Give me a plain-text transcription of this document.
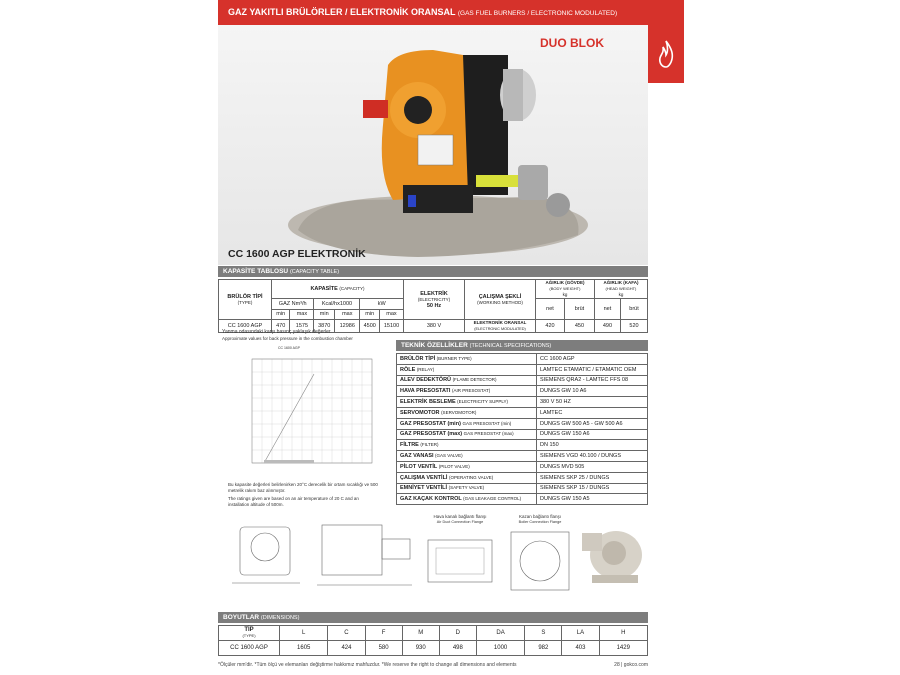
GAZ YAKITLI BRÜLÖRLER / ELEKTRONİK ORANSAL (GAS FUEL BURNERS / ELECTRONIC MODULATED)
DUO BLOK
CC 1600 AGP ELEKTRONİK
KAPASİTE TABLOSU (CAPACITY TABLE)
BRÜLÖR TİPİ
(TYPE)	KAPASİTE (CAPACITY)						ELEKTRİK
(ELECTRICITY)
50 Hz	ÇALIŞMA ŞEKLİ
(WORKING METHOD)	AĞIRLIK (GÖVDE)
(BODY WEIGHT)
kg		AĞIRLIK (KAFA)
(HEAD WEIGHT)
kg	
	GAZ Nm³/h		Kcal/hx1000		kW				net	brüt	net	brüt
	min	max	min	max	min	max						
CC 1600 AGP	470	1575	3870	12986	4500	15100	380 V	ELEKTRONİK ORANSAL
(ELECTRONIC MODULATED)	420	450	490	520
Yanma odasındaki karşı basınç yaklaşık değerler
Approximate values for back pressure in the combustion chamber
CC 1600 AGP
Bu kapasite değerleri belirlenirken 20°C derecelik bir ortam sıcaklığı ve 500 metrelik rakım baz alınmıştır.
The ratings given are based on an air temperature of 20 C and an installation altitude of 500m.
TEKNİK ÖZELLİKLER (TECHNICAL SPECIFICATIONS)
BRÜLÖR TİPİ (BURNER TYPE)	CC 1600 AGP
RÖLE (RELAY)	LAMTEC ETAMATIC / ETAMATIC OEM
ALEV DEDEKTÖRÜ (FLAME DETECTOR)	SIEMENS QRA2 - LAMTEC FFS 08
HAVA PRESOSTATI (AIR PRESOSTAT)	DUNGS GW 10 A6
ELEKTRİK BESLEME (ELECTRICITY SUPPLY)	380 V 50 HZ
SERVOMOTOR (SERVOMOTOR)	LAMTEC
GAZ PRESOSTAT (min) GAS PRESOSTAT (min)	DUNGS GW 500 A5 - GW 500 A6
GAZ PRESOSTAT (max) GAS PRESOSTAT (max)	DUNGS GW 150 A6
FİLTRE (FILTER)	DN 150
GAZ VANASI (GAS VALVE)	SIEMENS VGD 40.100 / DUNGS
PİLOT VENTİL (PILOT VALVE)	DUNGS MVD 505
ÇALIŞMA VENTİLİ (OPERATING VALVE)	SIEMENS SKP 25 / DUNGS
EMNİYET VENTİLİ (SAFETY VALVE)	SIEMENS SKP 15 / DUNGS
GAZ KAÇAK KONTROL (GAS LEAKAGE CONTROL)	DUNGS GW 150 A5
Hava kanalı bağlantı flanşı
Air Duct Connection Flange
Kazan bağlantı flanşı
Boiler Connection Flange
BOYUTLAR (DIMENSIONS)
TİP
(TYPE)	L	C	F	M	D	DA	S	LA	H
CC 1600 AGP	1605	424	580	930	498	1000	982	403	1429
*Ölçüler mm'dir. *Tüm ölçü ve elemanları değiştirme hakkımız mahfuzdur. *We reserve the right to change all dimensions and elements	28 | gokco.com
